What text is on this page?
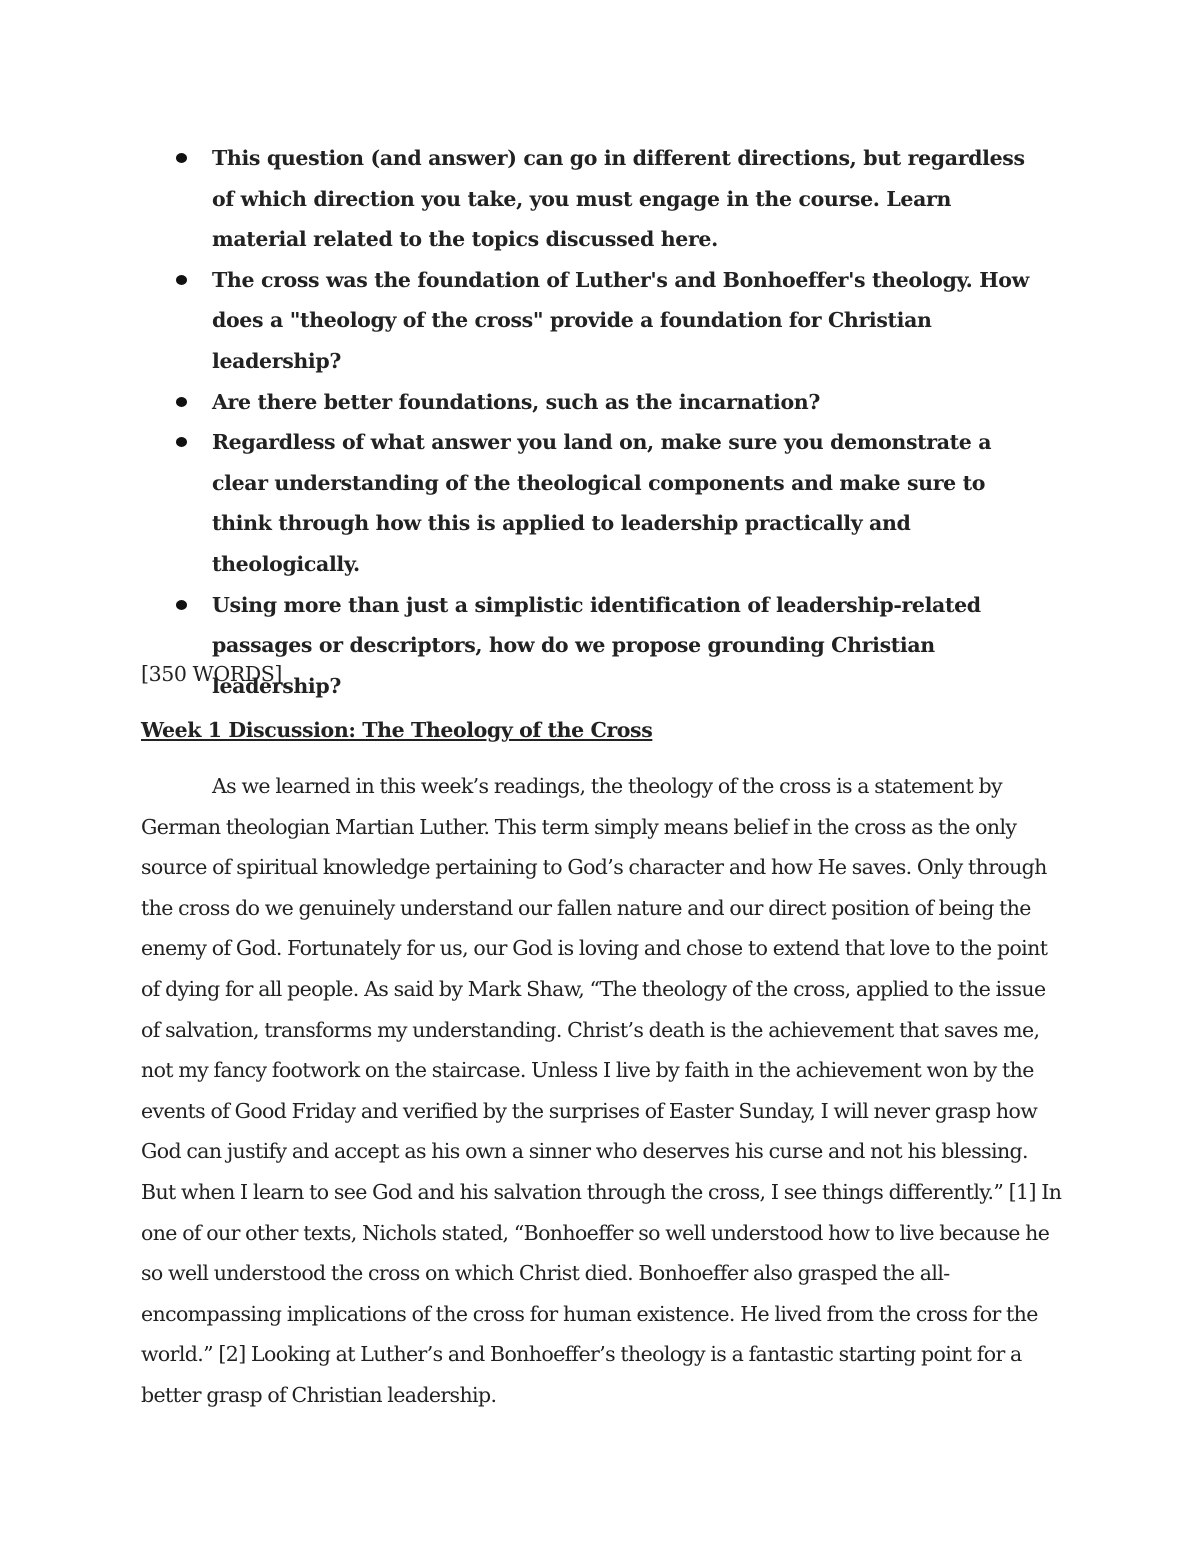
This question (and answer) can go in different directions, but regardless of which direction you take, you must engage in the course. Learn material related to the topics discussed here.
The cross was the foundation of Luther's and Bonhoeffer's theology. How does a "theology of the cross" provide a foundation for Christian leadership?
Are there better foundations, such as the incarnation?
Regardless of what answer you land on, make sure you demonstrate a clear understanding of the theological components and make sure to think through how this is applied to leadership practically and theologically.
Using more than just a simplistic identification of leadership-related passages or descriptors, how do we propose grounding Christian leadership?
[350 WORDS]
Week 1 Discussion: The Theology of the Cross

As we learned in this week’s readings, the theology of the cross is a statement by German theologian Martian Luther. This term simply means belief in the cross as the only source of spiritual knowledge pertaining to God’s character and how He saves. Only through the cross do we genuinely understand our fallen nature and our direct position of being the enemy of God. Fortunately for us, our God is loving and chose to extend that love to the point of dying for all people. As said by Mark Shaw, “The theology of the cross, applied to the issue of salvation, transforms my understanding. Christ’s death is the achievement that saves me, not my fancy footwork on the staircase. Unless I live by faith in the achievement won by the events of Good Friday and verified by the surprises of Easter Sunday, I will never grasp how God can justify and accept as his own a sinner who deserves his curse and not his blessing. But when I learn to see God and his salvation through the cross, I see things differently.” [1] In one of our other texts, Nichols stated, “Bonhoeffer so well understood how to live because he so well understood the cross on which Christ died. Bonhoeffer also grasped the all-encompassing implications of the cross for human existence. He lived from the cross for the world.” [2] Looking at Luther’s and Bonhoeffer’s theology is a fantastic starting point for a better grasp of Christian leadership.
